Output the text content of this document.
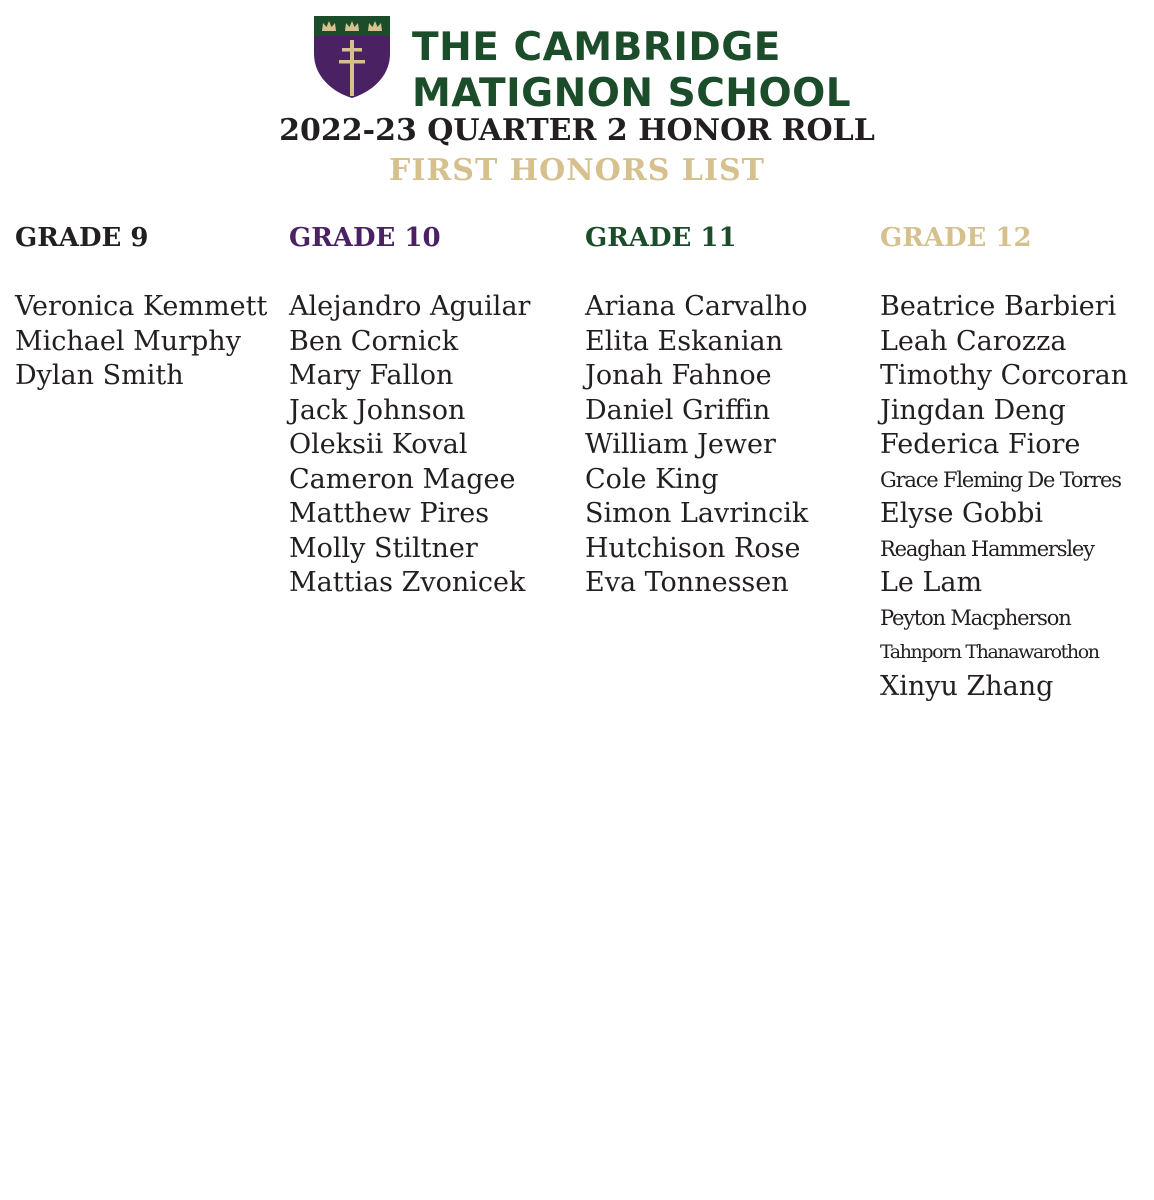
THE CAMBRIDGE
MATIGNON SCHOOL
2022-23 QUARTER 2 HONOR ROLL
FIRST HONORS LIST
GRADE 9
Veronica Kemmett
Michael Murphy
Dylan Smith
GRADE 10
Alejandro Aguilar
Ben Cornick
Mary Fallon
Jack Johnson
Oleksii Koval
Cameron Magee
Matthew Pires
Molly Stiltner
Mattias Zvonicek
GRADE 11
Ariana Carvalho
Elita Eskanian
Jonah Fahnoe
Daniel Griffin
William Jewer
Cole King
Simon Lavrincik
Hutchison Rose
Eva Tonnessen
GRADE 12
Beatrice Barbieri
Leah Carozza
Timothy Corcoran
Jingdan Deng
Federica Fiore
Grace Fleming De Torres
Elyse Gobbi
Reaghan Hammersley
Le Lam
Peyton Macpherson
Tahnporn Thanawarothon
Xinyu Zhang
